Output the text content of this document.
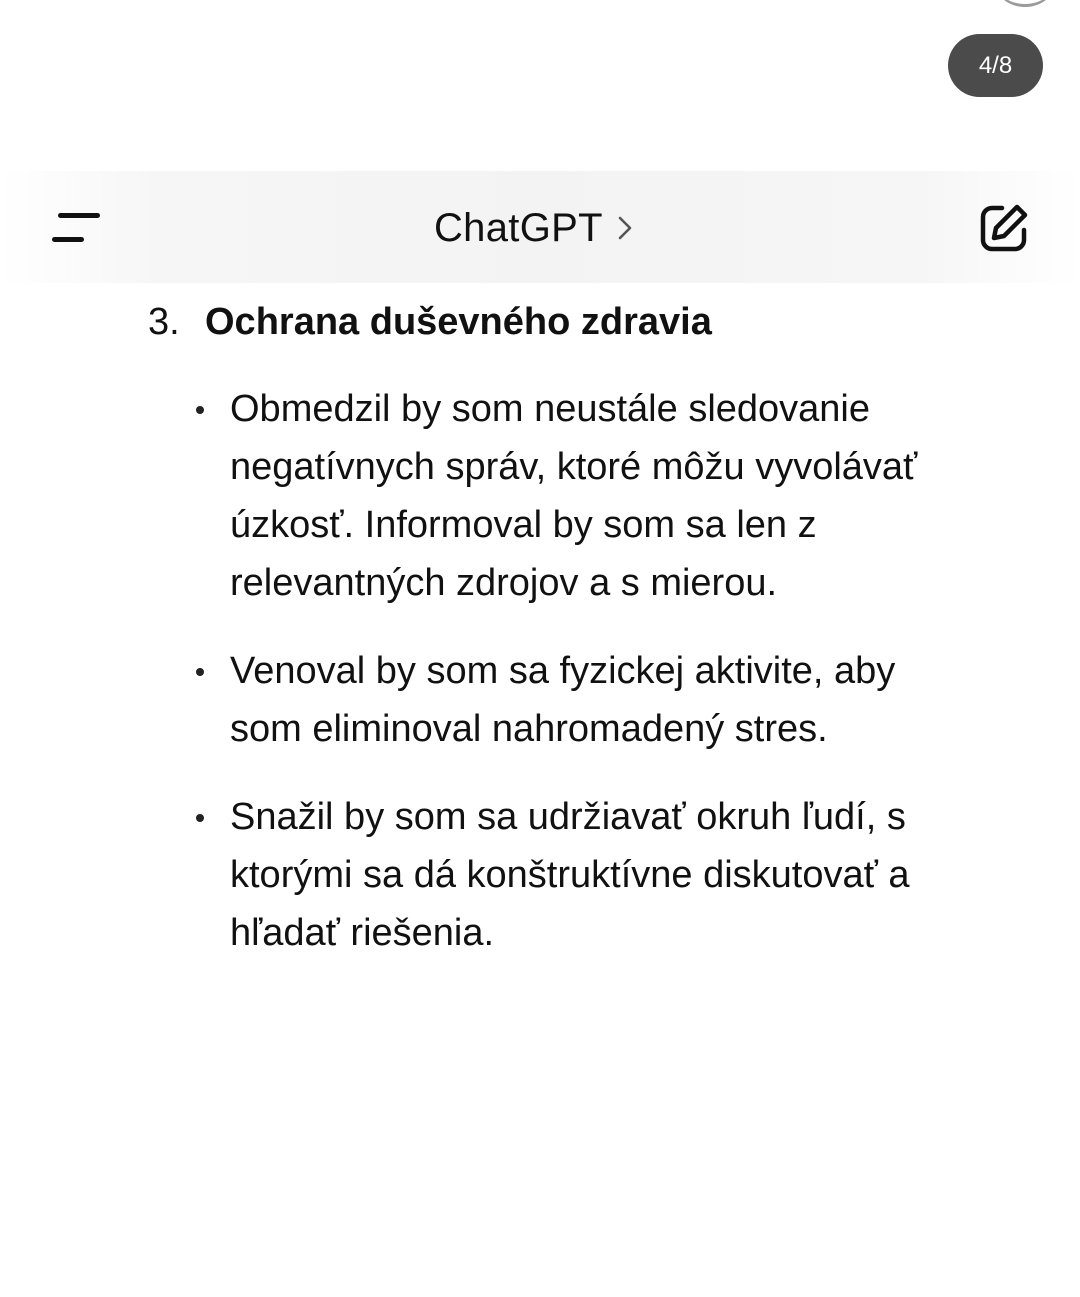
4/8
ChatGPT
3. Ochrana duševného zdravia
Obmedzil by som neustále sledovanie
negatívnych správ, ktoré môžu vyvolávať
úzkosť. Informoval by som sa len z
relevantných zdrojov a s mierou.
Venoval by som sa fyzickej aktivite, aby
som eliminoval nahromadený stres.
Snažil by som sa udržiavať okruh ľudí, s
ktorými sa dá konštruktívne diskutovať a
hľadať riešenia.
